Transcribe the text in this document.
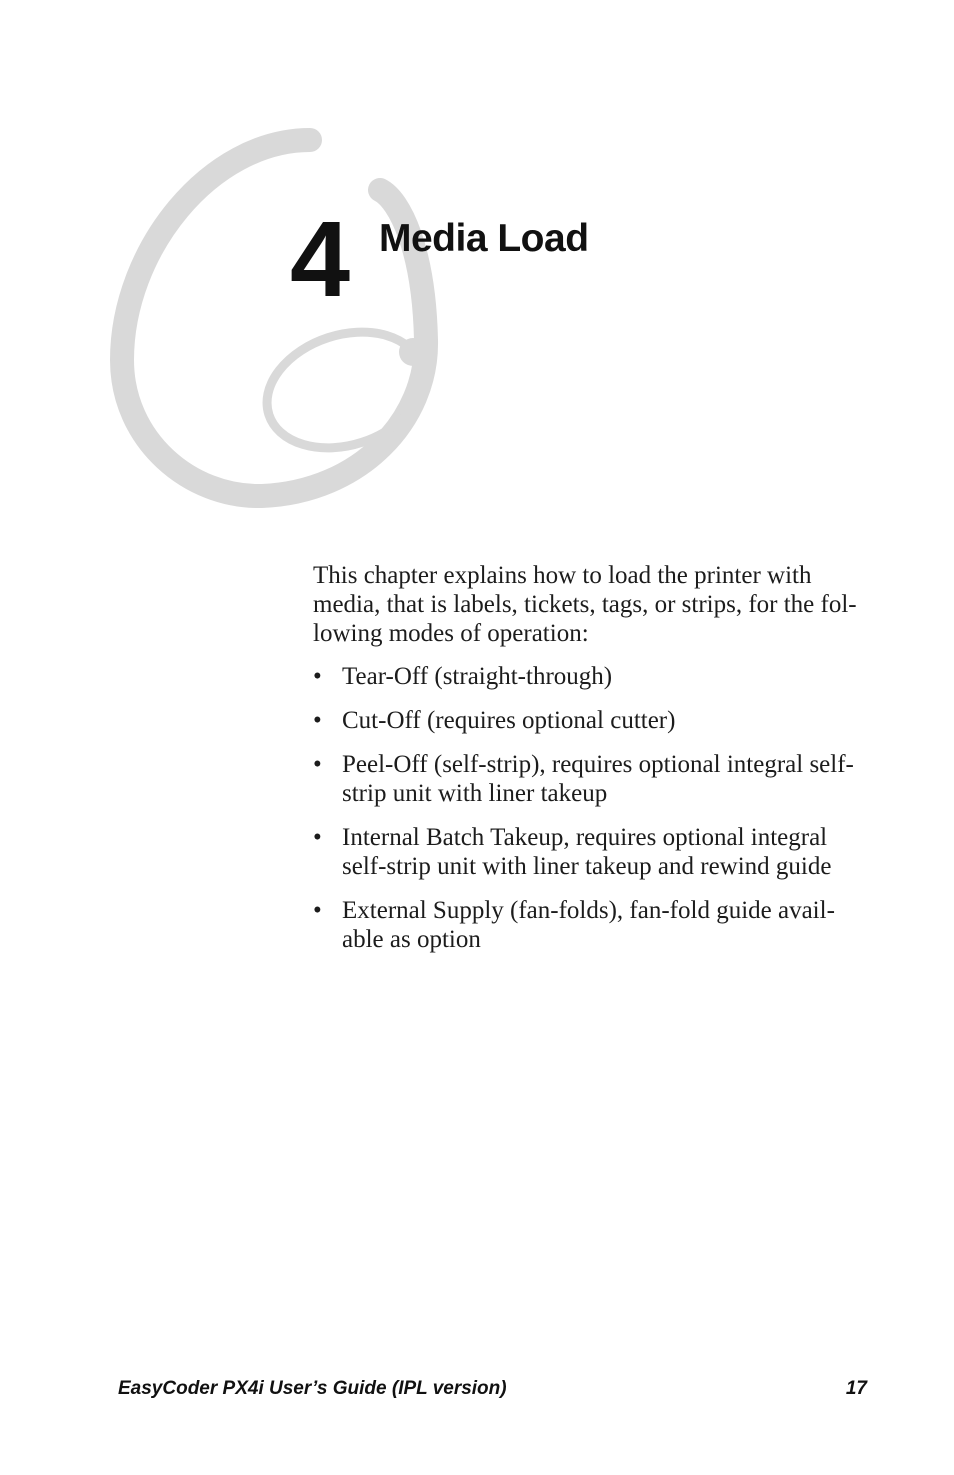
4 Media Load

This chapter explains how to load the printer with

media, that is labels, tickets, tags, or strips, for the fol-

lowing modes of operation:

• Tear-Off (straight-through)
• Cut-Off (requires optional cutter)
• Peel-Off (self-strip), requires optional integral self-
strip unit with liner takeup
• Internal Batch Takeup, requires optional integral
self-strip unit with liner takeup and rewind guide
• External Supply (fan-folds), fan-fold guide avail-
able as option
EasyCoder PX4i User’s Guide (IPL version)	17
